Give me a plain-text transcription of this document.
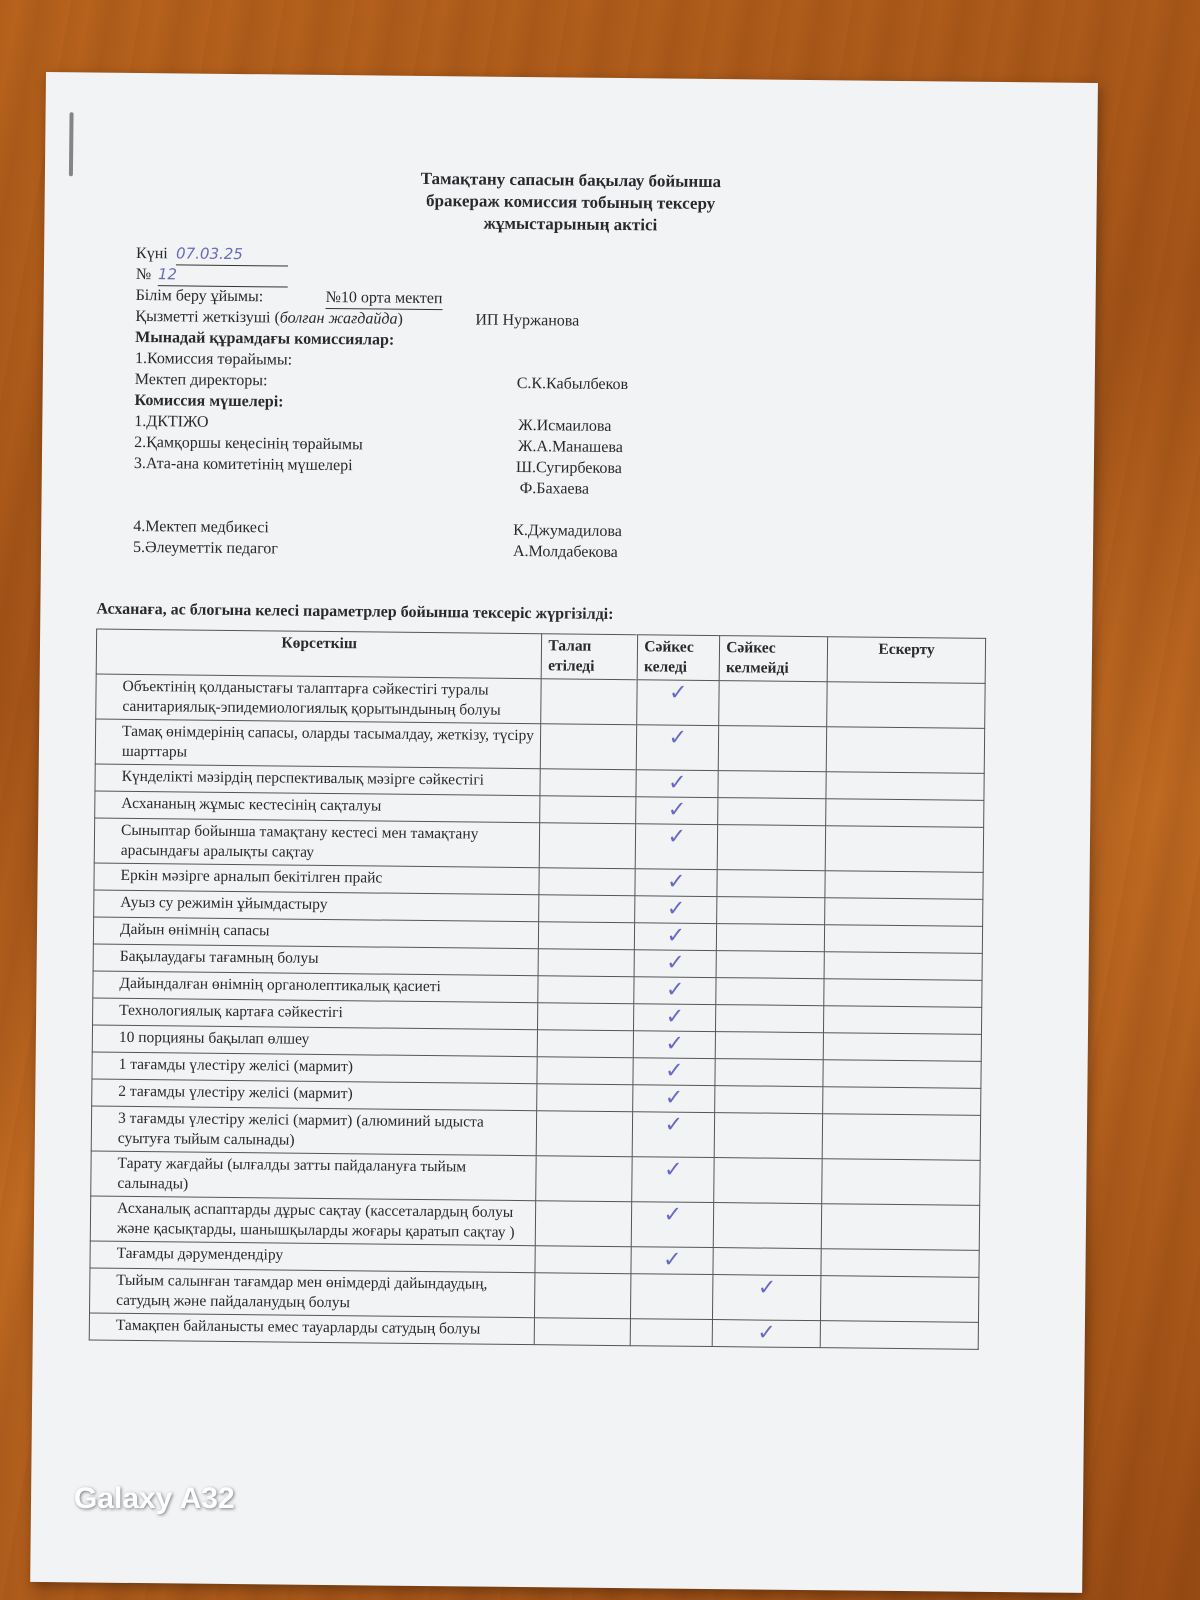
Тамақтану сапасын бақылау бойынша
бракераж комиссия тобының тексеру
жұмыстарының актісі
Күні 07.03.25
№ 12
Білім беру ұйымы:	№10 орта мектеп
Қызметті жеткізуші (болған жағдайда)	ИП Нуржанова
Мынадай құрамдағы комиссиялар:
1.Комиссия төрайымы:
Мектеп директоры:	С.К.Кабылбеков
Комиссия мүшелері:
1.ДКТІЖО	Ж.Исмаилова
2.Қамқоршы кеңесінің төрайымы	Ж.А.Манашева
3.Ата-ана комитетінің мүшелері	Ш.Сугирбекова
Ф.Бахаева
4.Мектеп медбикесі	К.Джумадилова
5.Әлеуметтік педагог	А.Молдабекова
Асханаға, ас блогына келесі параметрлер бойынша тексеріс жүргізілді:
Көрсеткіш	Талап етіледі	Сәйкес келеді	Сәйкес келмейді	Ескерту
Объектінің қолданыстағы талаптарға сәйкестігі туралы санитариялық-эпидемиологиялық қорытындының болуы		✓		
Тамақ өнімдерінің сапасы, оларды тасымалдау, жеткізу, түсіру шарттары		✓		
Күнделікті мәзірдің перспективалық мәзірге сәйкестігі		✓		
Асхананың жұмыс кестесінің сақталуы		✓		
Сыныптар бойынша тамақтану кестесі мен тамақтану арасындағы аралықты сақтау		✓		
Еркін мәзірге арналып бекітілген прайс		✓		
Ауыз су режимін ұйымдастыру		✓		
Дайын өнімнің сапасы		✓		
Бақылаудағы тағамның болуы		✓		
Дайындалған өнімнің органолептикалық қасиеті		✓		
Технологиялық картаға сәйкестігі		✓		
10 порцияны бақылап өлшеу		✓		
1 тағамды үлестіру желісі (мармит)		✓		
2 тағамды үлестіру желісі (мармит)		✓		
3 тағамды үлестіру желісі (мармит) (алюминий ыдыста суытуға тыйым салынады)		✓		
Тарату жағдайы (ылғалды затты пайдалануға тыйым салынады)		✓		
Асханалық аспаптарды дұрыс сақтау (кассеталардың болуы және қасықтарды, шанышқыларды жоғары қаратып сақтау )		✓		
Тағамды дәрумендендіру		✓		
Тыйым салынған тағамдар мен өнімдерді дайындаудың, сатудың және пайдаланудың болуы			✓	
Тамақпен байланысты емес тауарларды сатудың болуы			✓	
Galaxy A32
